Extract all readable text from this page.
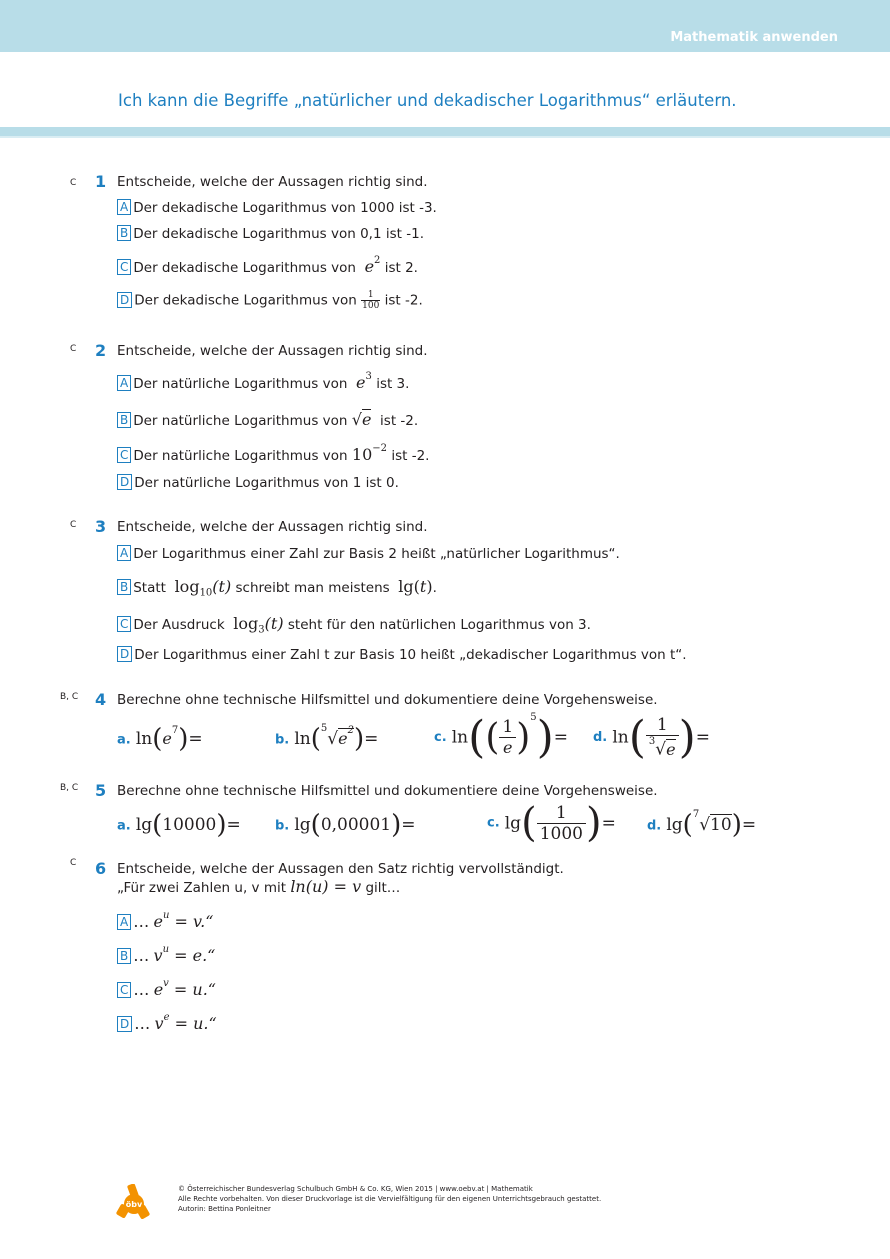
Mathematik anwenden
Ich kann die Begriffe „natürlicher und dekadischer Logarithmus“ erläutern.
C 1 Entscheide, welche der Aussagen richtig sind.
A Der dekadische Logarithmus von 1000 ist -3.
B Der dekadische Logarithmus von 0,1 ist -1.
C Der dekadische Logarithmus von $e^2$ ist 2.
D Der dekadische Logarithmus von $\frac{1}{100}$ ist -2.
C 2 Entscheide, welche der Aussagen richtig sind.
A Der natürliche Logarithmus von $e^3$ ist 3.
B Der natürliche Logarithmus von √e ist -2.
C Der natürliche Logarithmus von $10^{-2}$ ist -2.
D Der natürliche Logarithmus von 1 ist 0.
C 3 Entscheide, welche der Aussagen richtig sind.
A Der Logarithmus einer Zahl zur Basis 2 heißt „natürlicher Logarithmus“.
B Statt $\log_{10}(t)$ schreibt man meistens lg(t).
C Der Ausdruck $\log_3(t)$ steht für den natürlichen Logarithmus von 3.
D Der Logarithmus einer Zahl t zur Basis 10 heißt „dekadischer Logarithmus von t“.
B, C 4 Berechne ohne technische Hilfsmittel und dokumentiere deine Vorgehensweise.
a. $\ln(e^7)=$	b. $\ln(^5√e^2)=$	c. $\ln(( \frac{1}{e} )^5)= d$. $\ln( \frac{1}{^3√e}$ )=
B, C 5 Berechne ohne technische Hilfsmittel und dokumentiere deine Vorgehensweise.
a. lg(10000)=	b. lg(0,00001)=	c. $\lg( \frac{1}{1000}$ )= d. lg($^7$√10)=
C 6 Entscheide, welche der Aussagen den Satz richtig vervollständigt.
„Für zwei Zahlen u, v mit ln(u) = v gilt…
A … $e^u$ = v.“
B … $v^u$ = e.“
C … $e^v$ = u.“
D … $v^e$ = u.“
öbv
© Österreichischer Bundesverlag Schulbuch GmbH & Co. KG, Wien 2015 | www.oebv.at | Mathematik
Alle Rechte vorbehalten. Von dieser Druckvorlage ist die Vervielfältigung für den eigenen Unterrichtsgebrauch gestattet.
Autorin: Bettina Ponleitner
